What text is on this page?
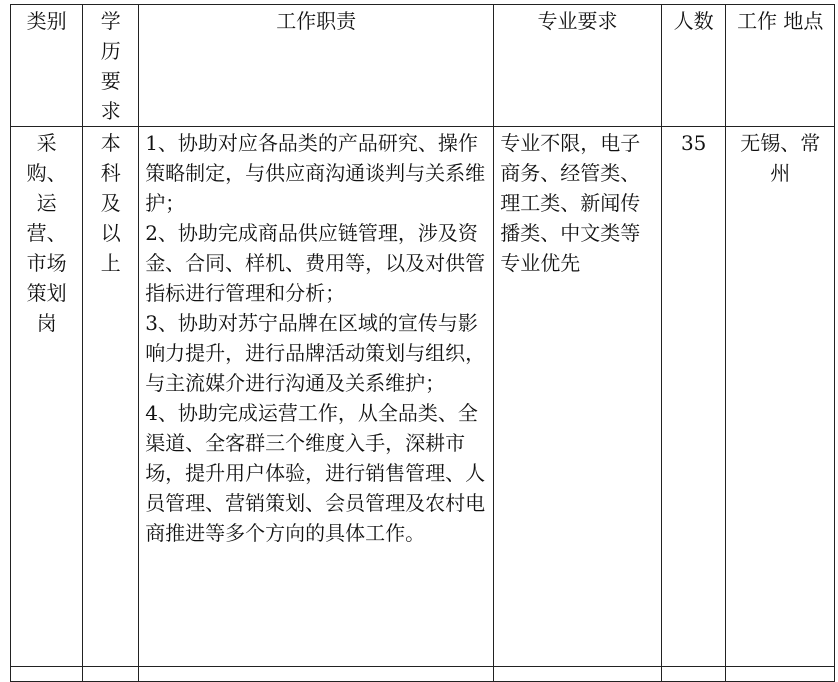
类别	学历要求	工作职责	专业要求	人数	工作 地点

采购、运营、市场策划岗	本科及以上	1、协助对应各品类的产品研究、操作策略制定，与供应商沟通谈判与关系维护；
2、协助完成商品供应链管理，涉及资金、合同、样机、费用等，以及对供管指标进行管理和分析；
3、协助对苏宁品牌在区域的宣传与影响力提升，进行品牌活动策划与组织，与主流媒介进行沟通及关系维护；
4、协助完成运营工作，从全品类、全渠道、全客群三个维度入手，深耕市场，提升用户体验，进行销售管理、人员管理、营销策划、会员管理及农村电商推进等多个方向的具体工作。	专业不限，电子商务、经管类、理工类、新闻传播类、中文类等专业优先	35	无锡、常州
